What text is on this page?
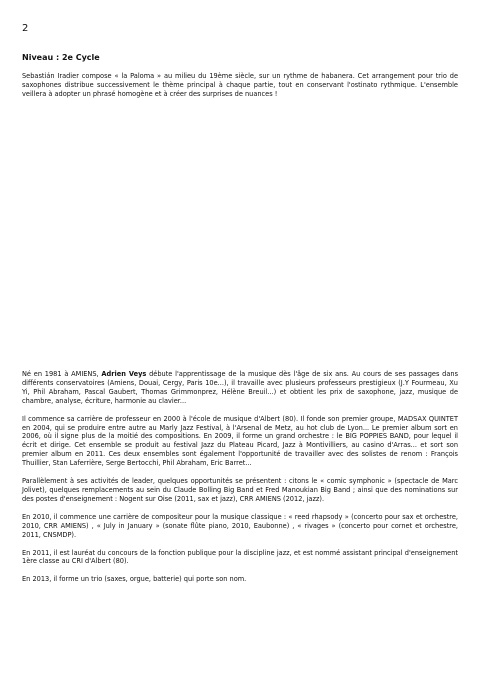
2
Niveau : 2e Cycle

Sebastián Iradier compose « la Paloma » au milieu du 19ème siècle, sur un rythme de habanera. Cet arrangement pour trio de saxophones distribue successivement le thème principal à chaque partie, tout en conservant l'ostinato rythmique. L'ensemble veillera à adopter un phrasé homogène et à créer des surprises de nuances !

Né en 1981 à AMIENS, Adrien Veys débute l'apprentissage de la musique dès l'âge de six ans. Au cours de ses passages dans différents conservatoires (Amiens, Douai, Cergy, Paris 10e...), il travaille avec plusieurs professeurs prestigieux (J.Y Fourmeau, Xu Yi, Phil Abraham, Pascal Gaubert, Thomas Grimmonprez, Hélène Breuil...) et obtient les prix de saxophone, jazz, musique de chambre, analyse, écriture, harmonie au clavier...

Il commence sa carrière de professeur en 2000 à l'école de musique d'Albert (80). Il fonde son premier groupe, MADSAX QUINTET en 2004, qui se produire entre autre au Marly Jazz Festival, à l'Arsenal de Metz, au hot club de Lyon... Le premier album sort en 2006, où il signe plus de la moitié des compositions. En 2009, il forme un grand orchestre : le BIG POPPIES BAND, pour lequel il écrit et dirige. Cet ensemble se produit au festival Jazz du Plateau Picard, Jazz à Montivilliers, au casino d'Arras... et sort son premier album en 2011. Ces deux ensembles sont également l'opportunité de travailler avec des solistes de renom : François Thuillier, Stan Laferrière, Serge Bertocchi, Phil Abraham, Eric Barret...

Parallèlement à ses activités de leader, quelques opportunités se présentent : citons le « comic symphonic » (spectacle de Marc Jolivet), quelques remplacements au sein du Claude Bolling Big Band et Fred Manoukian Big Band ; ainsi que des nominations sur des postes d'enseignement : Nogent sur Oise (2011, sax et jazz), CRR AMIENS (2012, jazz).

En 2010, il commence une carrière de compositeur pour la musique classique : « reed rhapsody » (concerto pour sax et orchestre, 2010, CRR AMIENS) , « July in January » (sonate flûte piano, 2010, Eaubonne) , « rivages » (concerto pour cornet et orchestre, 2011, CNSMDP).

En 2011, il est lauréat du concours de la fonction publique pour la discipline jazz, et est nommé assistant principal d'enseignement 1ère classe au CRI d'Albert (80).

En 2013, il forme un trio (saxes, orgue, batterie) qui porte son nom.
